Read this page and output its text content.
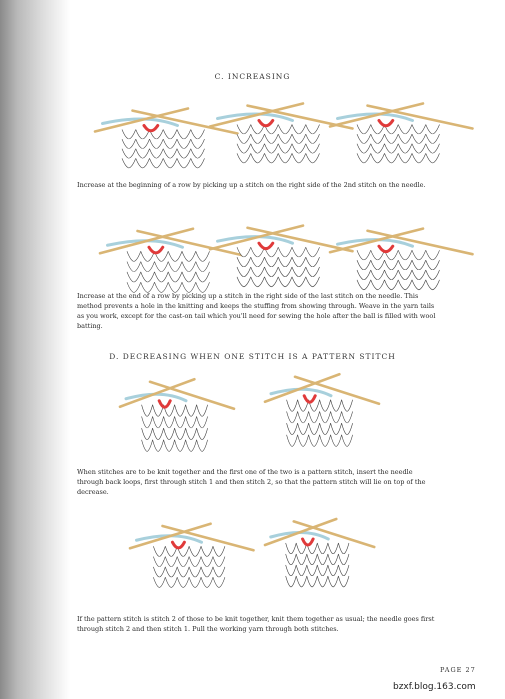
C. INCREASING
Increase at the beginning of a row by picking up a stitch on the right side of the 2nd stitch on the needle.
Increase at the end of a row by picking up a stitch in the right side of the last stitch on the needle. This method prevents a hole in the knitting and keeps the stuffing from showing through. Weave in the yarn tails as you work, except for the cast-on tail which you'll need for sewing the hole after the ball is filled with wool batting.
D. DECREASING WHEN ONE STITCH IS A PATTERN STITCH
When stitches are to be knit together and the first one of the two is a pattern stitch, insert the needle through back loops, first through stitch 1 and then stitch 2, so that the pattern stitch will lie on top of the decrease.
If the pattern stitch is stitch 2 of those to be knit together, knit them together as usual; the needle goes first through stitch 2 and then stitch 1. Pull the working yarn through both stitches.
PAGE 27
bzxf.blog.163.com
